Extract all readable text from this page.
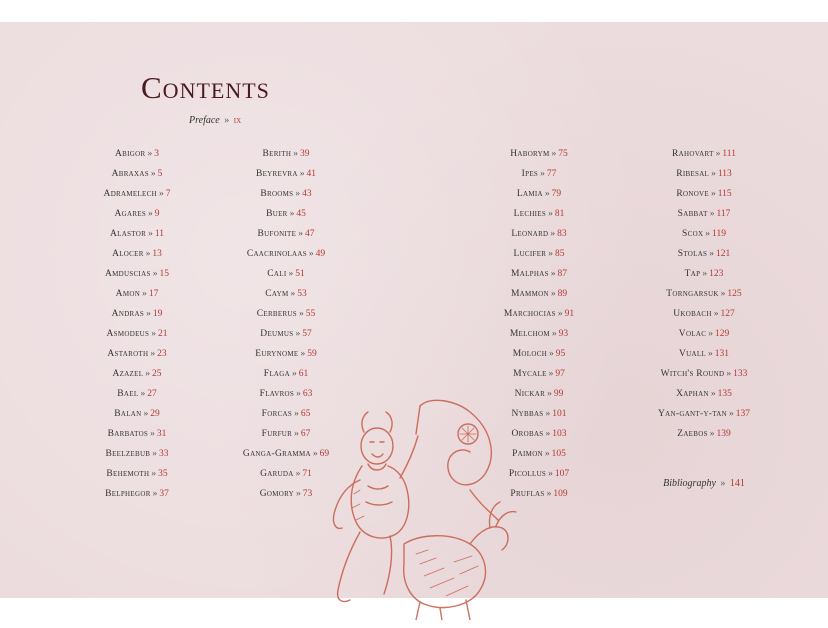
Contents
Preface » ix
Abigor » 3
Abraxas » 5
Adramelech » 7
Agares » 9
Alastor » 11
Alocer » 13
Amduscias » 15
Amon » 17
Andras » 19
Asmodeus » 21
Astaroth » 23
Azazel » 25
Bael » 27
Balan » 29
Barbatos » 31
Beelzebub » 33
Behemoth » 35
Belphegor » 37
Berith » 39
Beyrevra » 41
Brooms » 43
Buer » 45
Bufonite » 47
Caacrinolaas » 49
Cali » 51
Caym » 53
Cerberus » 55
Deumus » 57
Eurynome » 59
Flaga » 61
Flavros » 63
Forcas » 65
Furfur » 67
Ganga-Gramma » 69
Garuda » 71
Gomory » 73
Haborym » 75
Ipes » 77
Lamia » 79
Lechies » 81
Leonard » 83
Lucifer » 85
Malphas » 87
Mammon » 89
Marchocias » 91
Melchom » 93
Moloch » 95
Mycale » 97
Nickar » 99
Nybbas » 101
Orobas » 103
Paimon » 105
Picollus » 107
Pruflas » 109
Rahovart » 111
Ribesal » 113
Ronove » 115
Sabbat » 117
Scox » 119
Stolas » 121
Tap » 123
Torngarsuk » 125
Ukobach » 127
Volac » 129
Vuall » 131
Witch's Round » 133
Xaphan » 135
Yan-gant-y-tan » 137
Zaebos » 139
Bibliography » 141
